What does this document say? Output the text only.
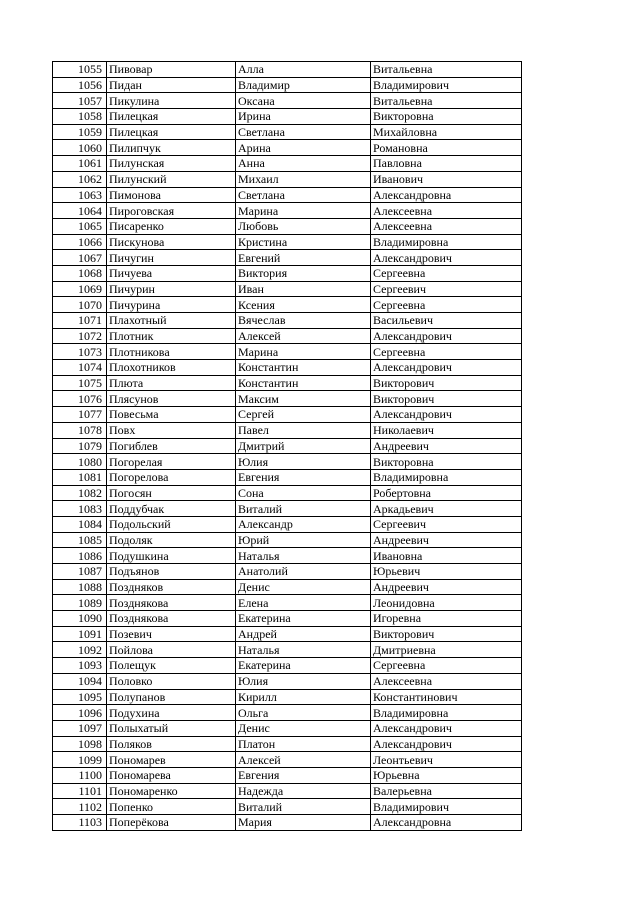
1055	Пивовар	Алла	Витальевна
1056	Пидан	Владимир	Владимирович
1057	Пикулина	Оксана	Витальевна
1058	Пилецкая	Ирина	Викторовна
1059	Пилецкая	Светлана	Михайловна
1060	Пилипчук	Арина	Романовна
1061	Пилунская	Анна	Павловна
1062	Пилунский	Михаил	Иванович
1063	Пимонова	Светлана	Александровна
1064	Пироговская	Марина	Алексеевна
1065	Писаренко	Любовь	Алексеевна
1066	Пискунова	Кристина	Владимировна
1067	Пичугин	Евгений	Александрович
1068	Пичуева	Виктория	Сергеевна
1069	Пичурин	Иван	Сергеевич
1070	Пичурина	Ксения	Сергеевна
1071	Плахотный	Вячеслав	Васильевич
1072	Плотник	Алексей	Александрович
1073	Плотникова	Марина	Сергеевна
1074	Плохотников	Константин	Александрович
1075	Плюта	Константин	Викторович
1076	Плясунов	Максим	Викторович
1077	Повесьма	Сергей	Александрович
1078	Повх	Павел	Николаевич
1079	Погиблев	Дмитрий	Андреевич
1080	Погорелая	Юлия	Викторовна
1081	Погорелова	Евгения	Владимировна
1082	Погосян	Сона	Робертовна
1083	Поддубчак	Виталий	Аркадьевич
1084	Подольский	Александр	Сергеевич
1085	Подоляк	Юрий	Андреевич
1086	Подушкина	Наталья	Ивановна
1087	Подъянов	Анатолий	Юрьевич
1088	Поздняков	Денис	Андреевич
1089	Позднякова	Елена	Леонидовна
1090	Позднякова	Екатерина	Игоревна
1091	Позевич	Андрей	Викторович
1092	Пойлова	Наталья	Дмитриевна
1093	Полещук	Екатерина	Сергеевна
1094	Половко	Юлия	Алексеевна
1095	Полупанов	Кирилл	Константинович
1096	Подухина	Ольга	Владимировна
1097	Полыхатый	Денис	Александрович
1098	Поляков	Платон	Александрович
1099	Пономарев	Алексей	Леонтьевич
1100	Пономарева	Евгения	Юрьевна
1101	Пономаренко	Надежда	Валерьевна
1102	Попенко	Виталий	Владимирович
1103	Поперёкова	Мария	Александровна
